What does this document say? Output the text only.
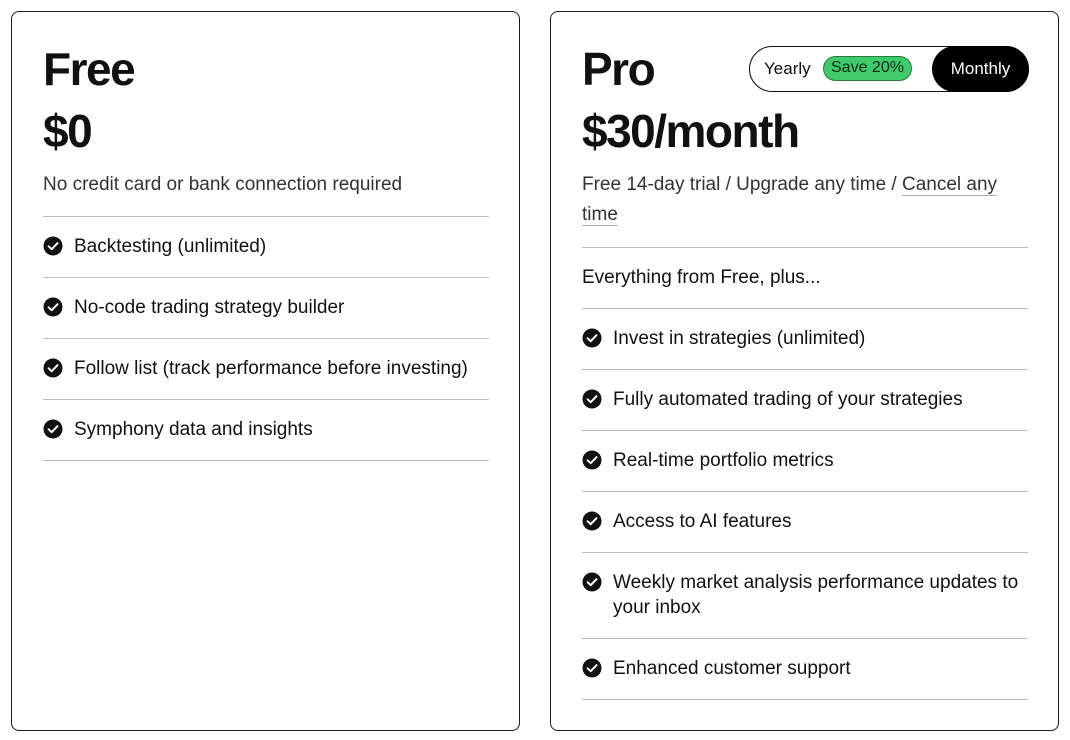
Free
$0

No credit card or bank connection required

Backtesting (unlimited)
No-code trading strategy builder
Follow list (track performance before investing)
Symphony data and insights
Pro	Yearly	Save 20%	Monthly
$30/month

Free 14-day trial / Upgrade any time / Cancel any time

Everything from Free, plus...
Invest in strategies (unlimited)
Fully automated trading of your strategies
Real-time portfolio metrics
Access to AI features
Weekly market analysis performance updates to your inbox
Enhanced customer support
